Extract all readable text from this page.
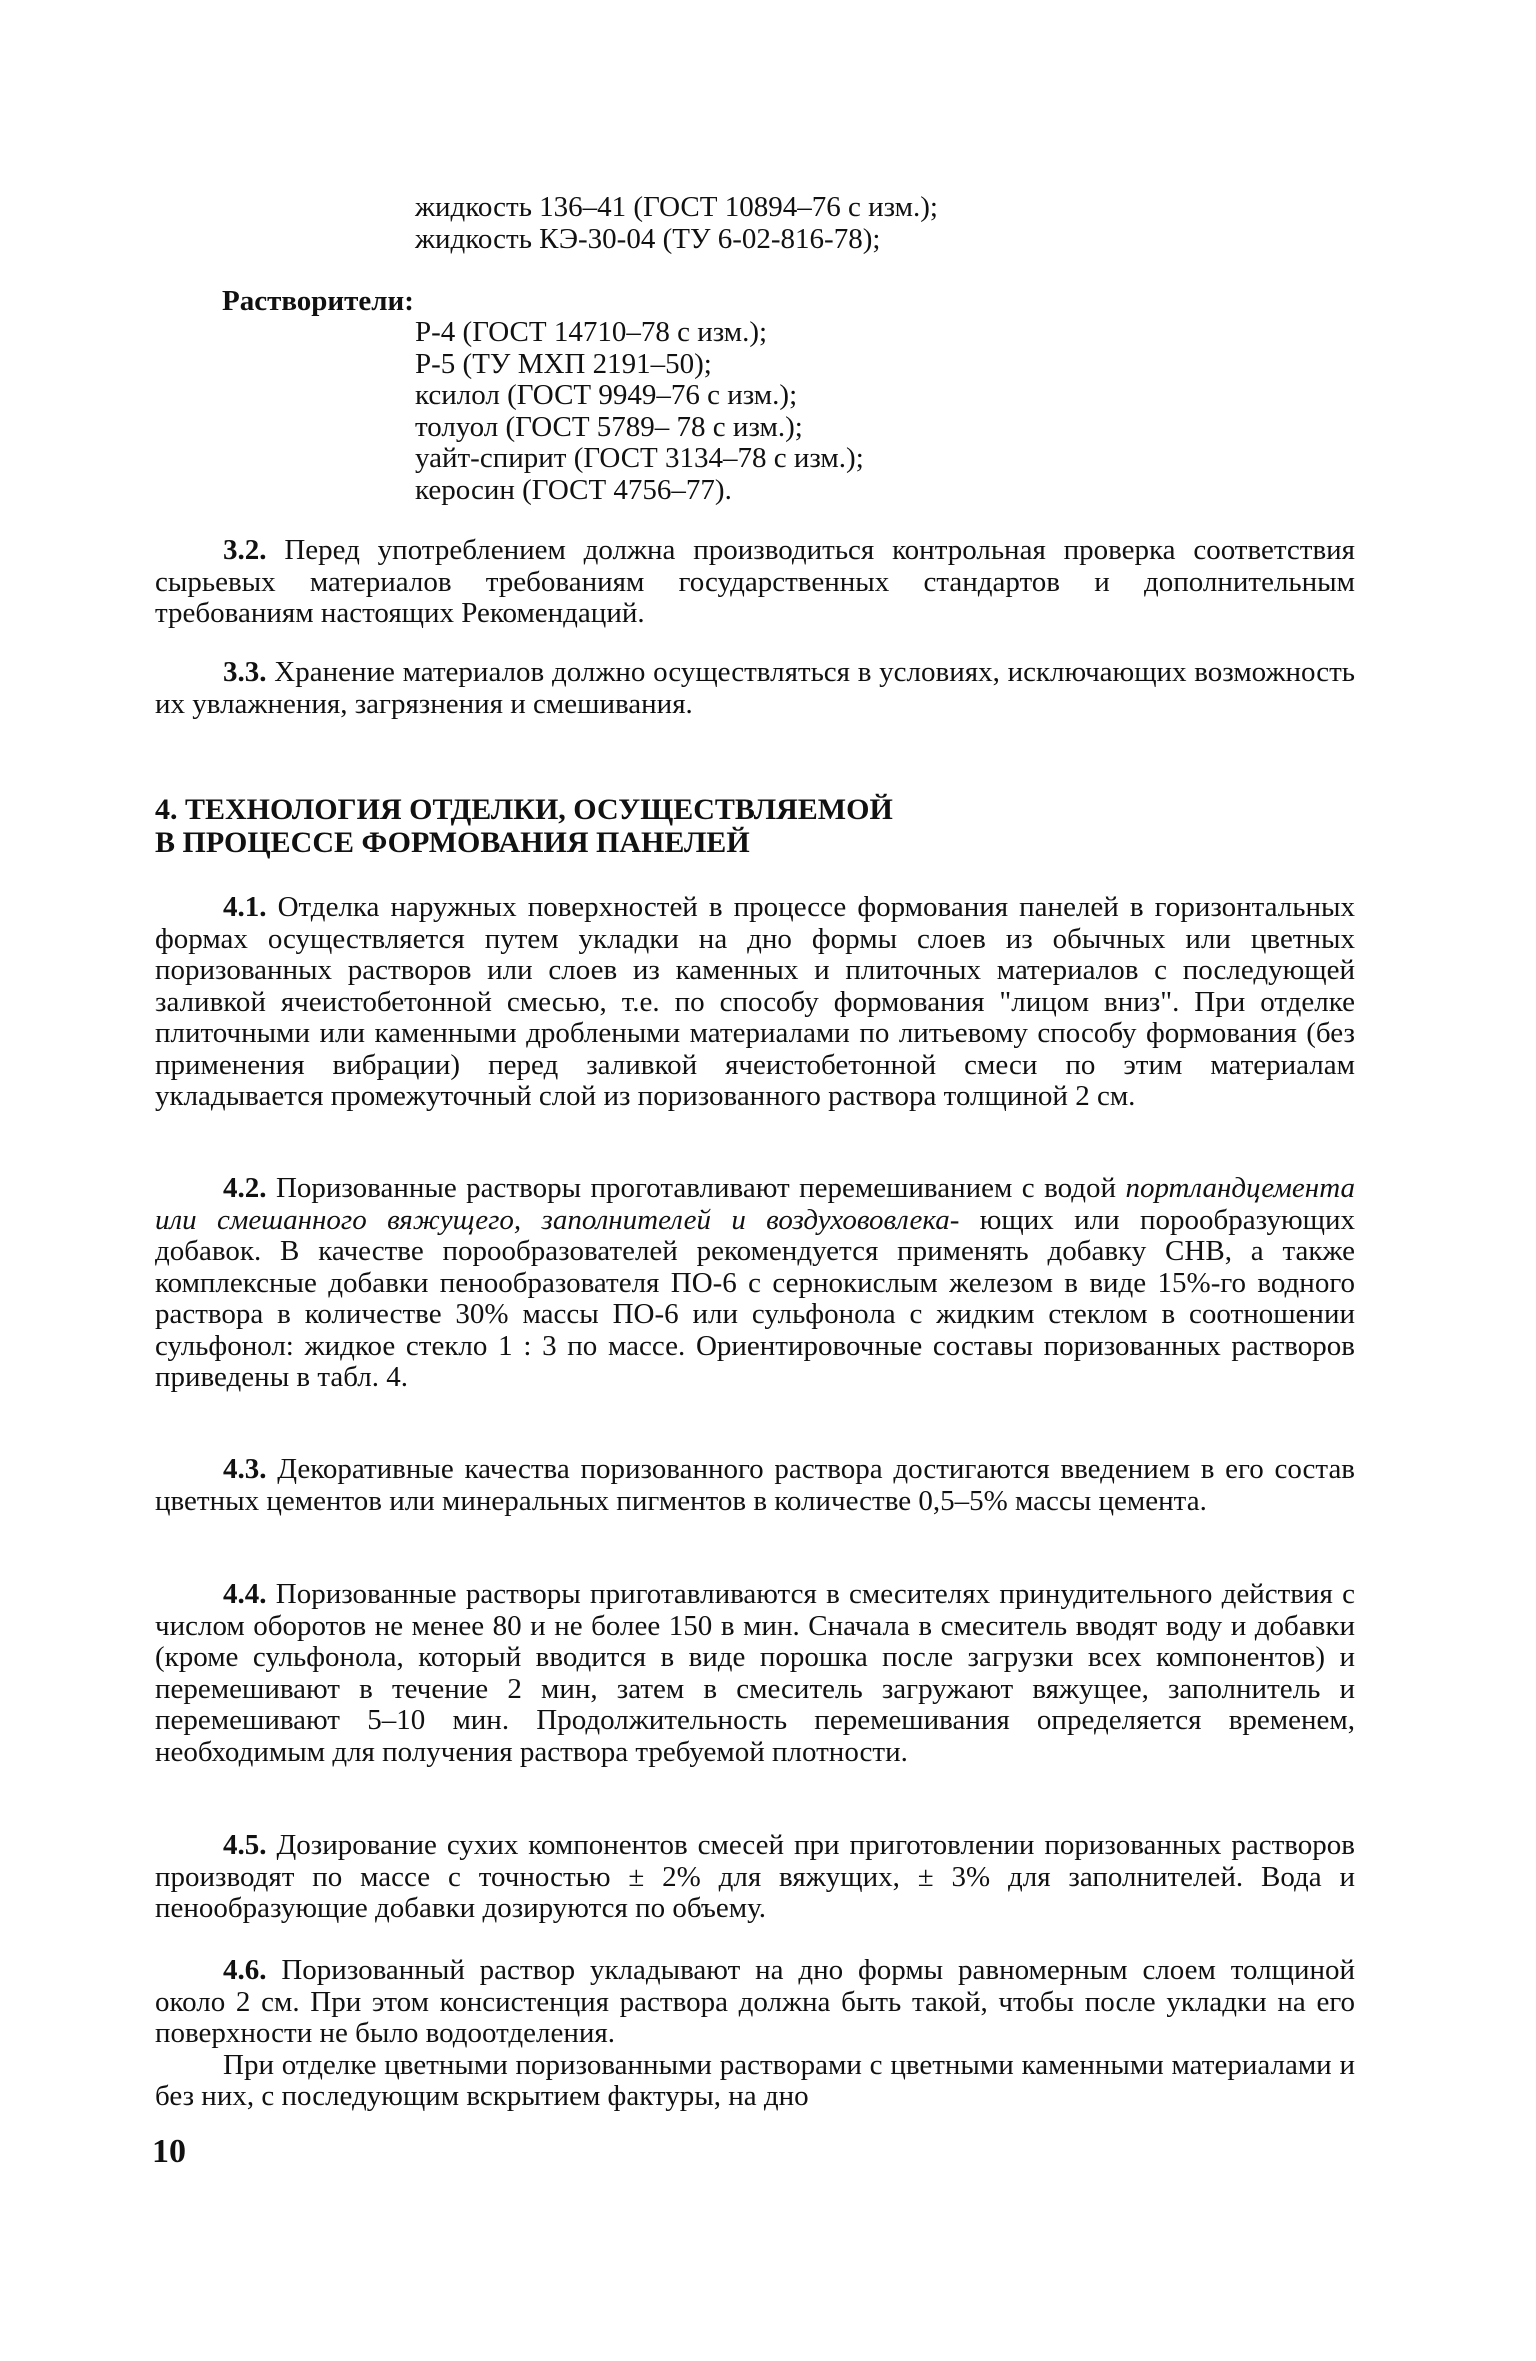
жидкость 136–41 (ГОСТ 10894–76 с изм.);
жидкость КЭ-30-04 (ТУ 6-02-816-78);
Растворители:
Р-4 (ГОСТ 14710–78 с изм.);
Р-5 (ТУ МХП 2191–50);
ксилол (ГОСТ 9949–76 с изм.);
толуол (ГОСТ 5789– 78 с изм.);
уайт-спирит (ГОСТ 3134–78 с изм.);
керосин (ГОСТ 4756–77).

3.2. Перед употреблением должна производиться контрольная проверка соответствия сырьевых материалов требованиям государственных стандартов и дополнительным требованиям настоящих Рекомендаций.

3.3. Хранение материалов должно осуществляться в условиях, исключающих возможность их увлажнения, загрязнения и смешивания.

4. ТЕХНОЛОГИЯ ОТДЕЛКИ, ОСУЩЕСТВЛЯЕМОЙ
В ПРОЦЕССЕ ФОРМОВАНИЯ ПАНЕЛЕЙ

4.1. Отделка наружных поверхностей в процессе формования панелей в горизонтальных формах осуществляется путем укладки на дно формы слоев из обычных или цветных поризованных растворов или слоев из каменных и плиточных материалов с последующей заливкой ячеистобетонной смесью, т.е. по способу формования "лицом вниз". При отделке плиточными или каменными дроблеными материалами по литьевому способу формования (без применения вибрации) перед заливкой ячеистобетонной смеси по этим материалам укладывается промежуточный слой из поризованного раствора толщиной 2 см.

4.2. Поризованные растворы проготавливают перемешиванием с водой портландцемента или смешанного вяжущего, заполнителей и воздухововлека- ющих или порообразующих добавок. В качестве порообразователей рекомендуется применять добавку СНВ, а также комплексные добавки пенообразователя ПО-6 с сернокислым железом в виде 15%-го водного раствора в количестве 30% массы ПО-6 или сульфонола с жидким стеклом в соотношении сульфонол: жидкое стекло 1 : 3 по массе. Ориентировочные составы поризованных растворов приведены в табл. 4.

4.3. Декоративные качества поризованного раствора достигаются введением в его состав цветных цементов или минеральных пигментов в количестве 0,5–5% массы цемента.

4.4. Поризованные растворы приготавливаются в смесителях принудительного действия с числом оборотов не менее 80 и не более 150 в мин. Сначала в смеситель вводят воду и добавки (кроме сульфонола, который вводится в виде порошка после загрузки всех компонентов) и перемешивают в течение 2 мин, затем в смеситель загружают вяжущее, заполнитель и перемешивают 5–10 мин. Продолжительность перемешивания определяется временем, необходимым для получения раствора требуемой плотности.

4.5. Дозирование сухих компонентов смесей при приготовлении поризованных растворов производят по массе с точностью ± 2% для вяжущих, ± 3% для заполнителей. Вода и пенообразующие добавки дозируются по объему.

4.6. Поризованный раствор укладывают на дно формы равномерным слоем толщиной около 2 см. При этом консистенция раствора должна быть такой, чтобы после укладки на его поверхности не было водоотделения.

При отделке цветными поризованными растворами с цветными каменными материалами и без них, с последующим вскрытием фактуры, на дно

10
